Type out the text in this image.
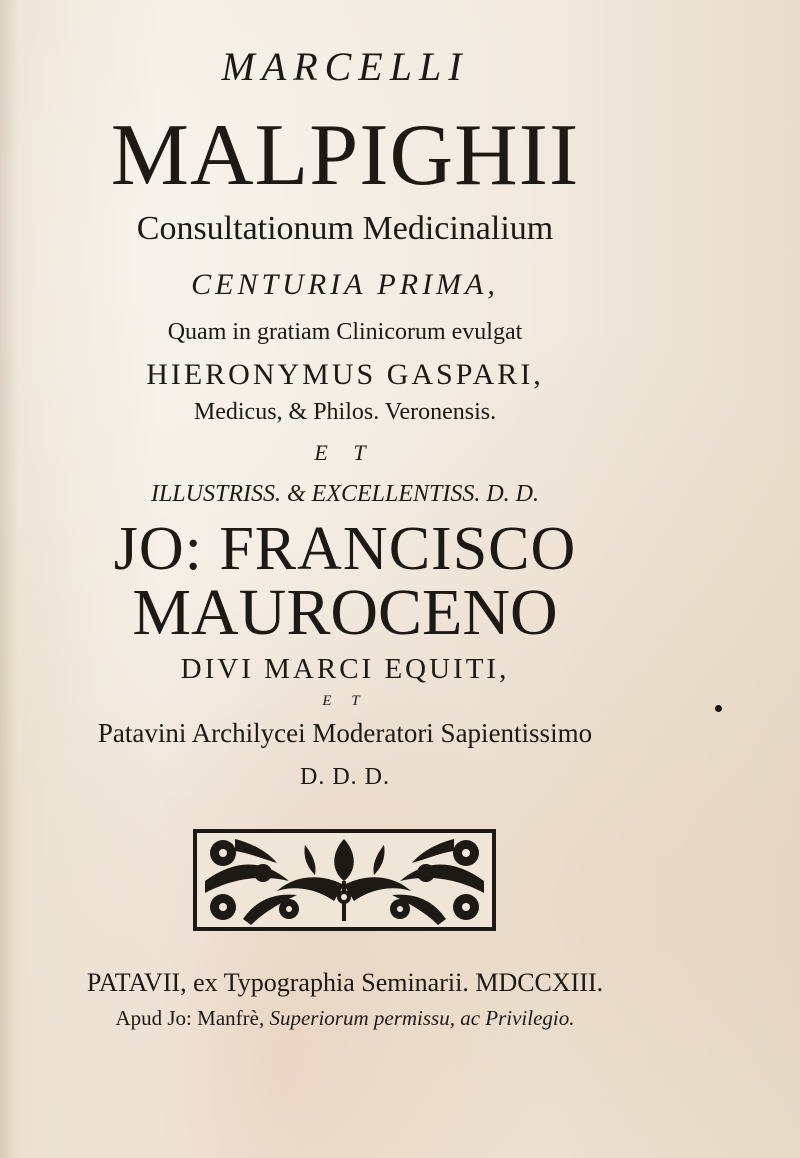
MARCELLI
MALPIGHII
Consultationum Medicinalium
CENTURIA PRIMA,
Quam in gratiam Clinicorum evulgat
HIERONYMUS GASPARI,
Medicus, & Philos. Veronensis.
E T
ILLUSTRISS. & EXCELLENTISS. D. D.
JO: FRANCISCO
MAUROCENO
DIVI MARCI EQUITI,
E T
Patavini Archilycei Moderatori Sapientissimo
D. D. D.
PATAVII, ex Typographia Seminarii. MDCCXIII.
Apud Jo: Manfrè, Superiorum permissu, ac Privilegio.
